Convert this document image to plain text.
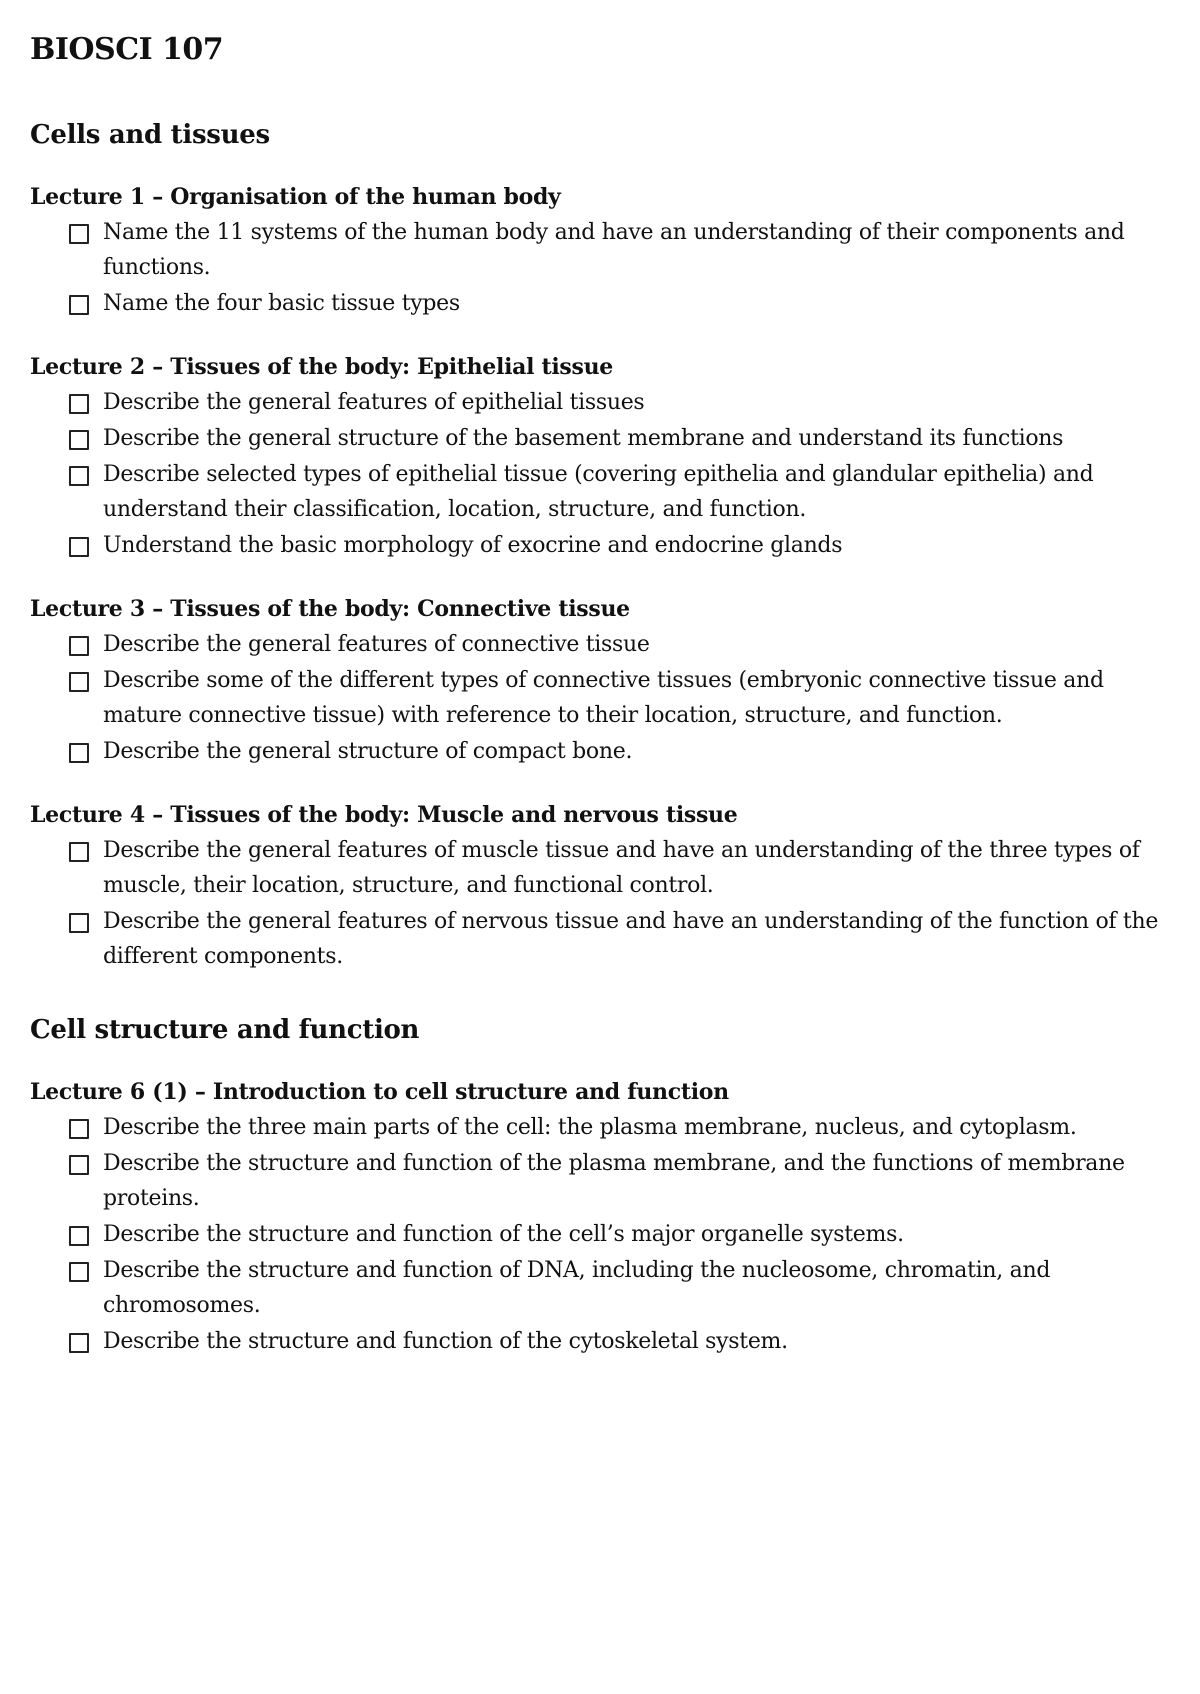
BIOSCI 107
Cells and tissues
Lecture 1 – Organisation of the human body
Name the 11 systems of the human body and have an understanding of their components and functions.
Name the four basic tissue types
Lecture 2 – Tissues of the body: Epithelial tissue
Describe the general features of epithelial tissues
Describe the general structure of the basement membrane and understand its functions
Describe selected types of epithelial tissue (covering epithelia and glandular epithelia) and understand their classification, location, structure, and function.
Understand the basic morphology of exocrine and endocrine glands
Lecture 3 – Tissues of the body: Connective tissue
Describe the general features of connective tissue
Describe some of the different types of connective tissues (embryonic connective tissue and mature connective tissue) with reference to their location, structure, and function.
Describe the general structure of compact bone.
Lecture 4 – Tissues of the body: Muscle and nervous tissue
Describe the general features of muscle tissue and have an understanding of the three types of muscle, their location, structure, and functional control.
Describe the general features of nervous tissue and have an understanding of the function of the different components.
Cell structure and function
Lecture 6 (1) – Introduction to cell structure and function
Describe the three main parts of the cell: the plasma membrane, nucleus, and cytoplasm.
Describe the structure and function of the plasma membrane, and the functions of membrane proteins.
Describe the structure and function of the cell’s major organelle systems.
Describe the structure and function of DNA, including the nucleosome, chromatin, and chromosomes.
Describe the structure and function of the cytoskeletal system.
